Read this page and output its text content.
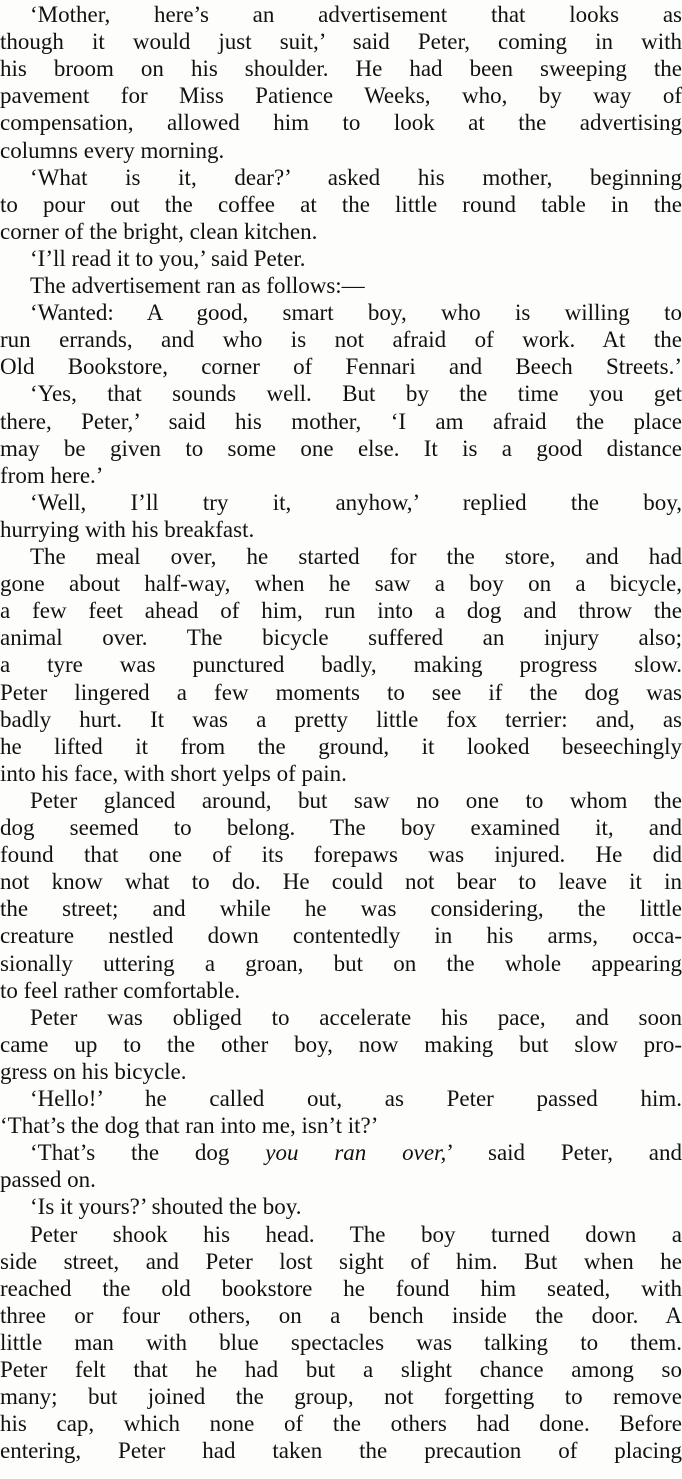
‘Mother, here’s an advertisement that looks as
though it would just suit,’ said Peter, coming in with
his broom on his shoulder. He had been sweeping the
pavement for Miss Patience Weeks, who, by way of
compensation, allowed him to look at the advertising
columns every morning.
‘What is it, dear?’ asked his mother, beginning
to pour out the coffee at the little round table in the
corner of the bright, clean kitchen.
‘I’ll read it to you,’ said Peter.
The advertisement ran as follows:—
‘Wanted: A good, smart boy, who is willing to
run errands, and who is not afraid of work. At the
Old Bookstore, corner of Fennari and Beech Streets.’
‘Yes, that sounds well. But by the time you get
there, Peter,’ said his mother, ‘I am afraid the place
may be given to some one else. It is a good distance
from here.’
‘Well, I’ll try it, anyhow,’ replied the boy,
hurrying with his breakfast.
The meal over, he started for the store, and had
gone about half-way, when he saw a boy on a bicycle,
a few feet ahead of him, run into a dog and throw the
animal over. The bicycle suffered an injury also;
a tyre was punctured badly, making progress slow.
Peter lingered a few moments to see if the dog was
badly hurt. It was a pretty little fox terrier: and, as
he lifted it from the ground, it looked beseechingly
into his face, with short yelps of pain.
Peter glanced around, but saw no one to whom the
dog seemed to belong. The boy examined it, and
found that one of its forepaws was injured. He did
not know what to do. He could not bear to leave it in
the street; and while he was considering, the little
creature nestled down contentedly in his arms, occa-
sionally uttering a groan, but on the whole appearing
to feel rather comfortable.
Peter was obliged to accelerate his pace, and soon
came up to the other boy, now making but slow pro-
gress on his bicycle.
‘Hello!’ he called out, as Peter passed him.
‘That’s the dog that ran into me, isn’t it?’
‘That’s the dog you ran over,’ said Peter, and
passed on.
‘Is it yours?’ shouted the boy.
Peter shook his head. The boy turned down a
side street, and Peter lost sight of him. But when he
reached the old bookstore he found him seated, with
three or four others, on a bench inside the door. A
little man with blue spectacles was talking to them.
Peter felt that he had but a slight chance among so
many; but joined the group, not forgetting to remove
his cap, which none of the others had done. Before
entering, Peter had taken the precaution of placing
